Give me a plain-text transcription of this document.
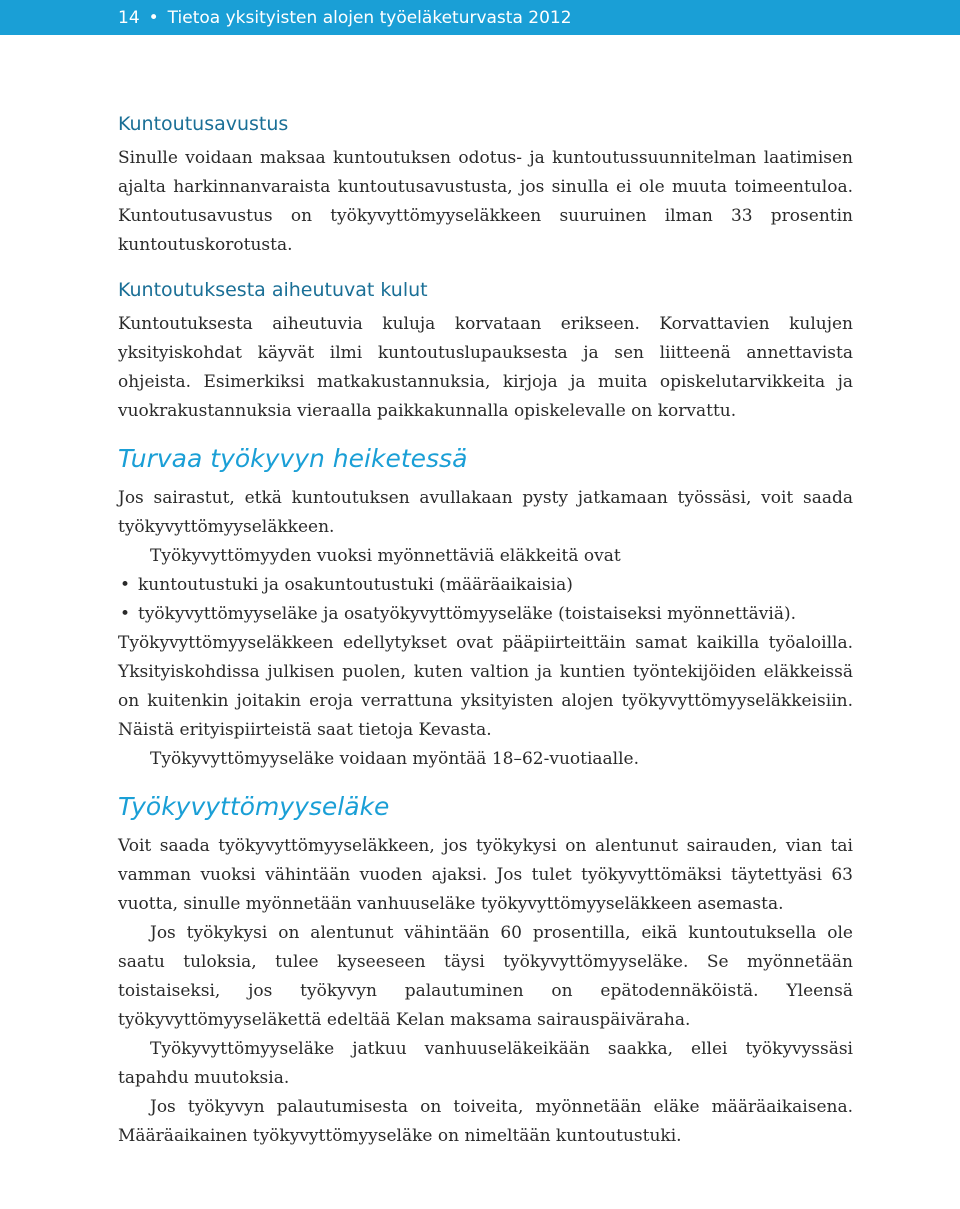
14 • Tietoa yksityisten alojen työeläketurvasta 2012
Kuntoutusavustus

Sinulle voidaan maksaa kuntoutuksen odotus- ja kuntoutussuunnitelman laatimisen ajalta harkinnanvaraista kuntoutusavustusta, jos sinulla ei ole muuta toimeentuloa. Kuntoutusavustus on työkyvyttömyyseläkkeen suuruinen ilman 33 prosentin kuntoutuskorotusta.

Kuntoutuksesta aiheutuvat kulut

Kuntoutuksesta aiheutuvia kuluja korvataan erikseen. Korvattavien kulujen yksityiskohdat käyvät ilmi kuntoutuslupauksesta ja sen liitteenä annettavista ohjeista. Esimerkiksi matkakustannuksia, kirjoja ja muita opiskelutarvikkeita ja vuokrakustannuksia vieraalla paikkakunnalla opiskelevalle on korvattu.

Turvaa työkyvyn heiketessä

Jos sairastut, etkä kuntoutuksen avullakaan pysty jatkamaan työssäsi, voit saada työkyvyttömyyseläkkeen.

Työkyvyttömyyden vuoksi myönnettäviä eläkkeitä ovat

• kuntoutustuki ja osakuntoutustuki (määräaikaisia)
• työkyvyttömyyseläke ja osatyökyvyttömyyseläke (toistaiseksi myönnettäviä).

Työkyvyttömyyseläkkeen edellytykset ovat pääpiirteittäin samat kaikilla työaloilla. Yksityiskohdissa julkisen puolen, kuten valtion ja kuntien työntekijöiden eläkkeissä on kuitenkin joitakin eroja verrattuna yksityisten alojen työkyvyttömyyseläkkeisiin. Näistä erityispiirteistä saat tietoja Kevasta.

Työkyvyttömyyseläke voidaan myöntää 18–62-vuotiaalle.

Työkyvyttömyyseläke

Voit saada työkyvyttömyyseläkkeen, jos työkykysi on alentunut sairauden, vian tai vamman vuoksi vähintään vuoden ajaksi. Jos tulet työkyvyttömäksi täytettyäsi 63 vuotta, sinulle myönnetään vanhuuseläke työkyvyttömyyseläkkeen asemasta.

Jos työkykysi on alentunut vähintään 60 prosentilla, eikä kuntoutuksella ole saatu tuloksia, tulee kyseeseen täysi työkyvyttömyyseläke. Se myönnetään toistaiseksi, jos työkyvyn palautuminen on epätodennäköistä. Yleensä työkyvyttömyyseläkettä edeltää Kelan maksama sairauspäiväraha.

Työkyvyttömyyseläke jatkuu vanhuuseläkeikään saakka, ellei työkyvyssäsi tapahdu muutoksia.

Jos työkyvyn palautumisesta on toiveita, myönnetään eläke määräaikaisena. Määräaikainen työkyvyttömyyseläke on nimeltään kuntoutustuki.
